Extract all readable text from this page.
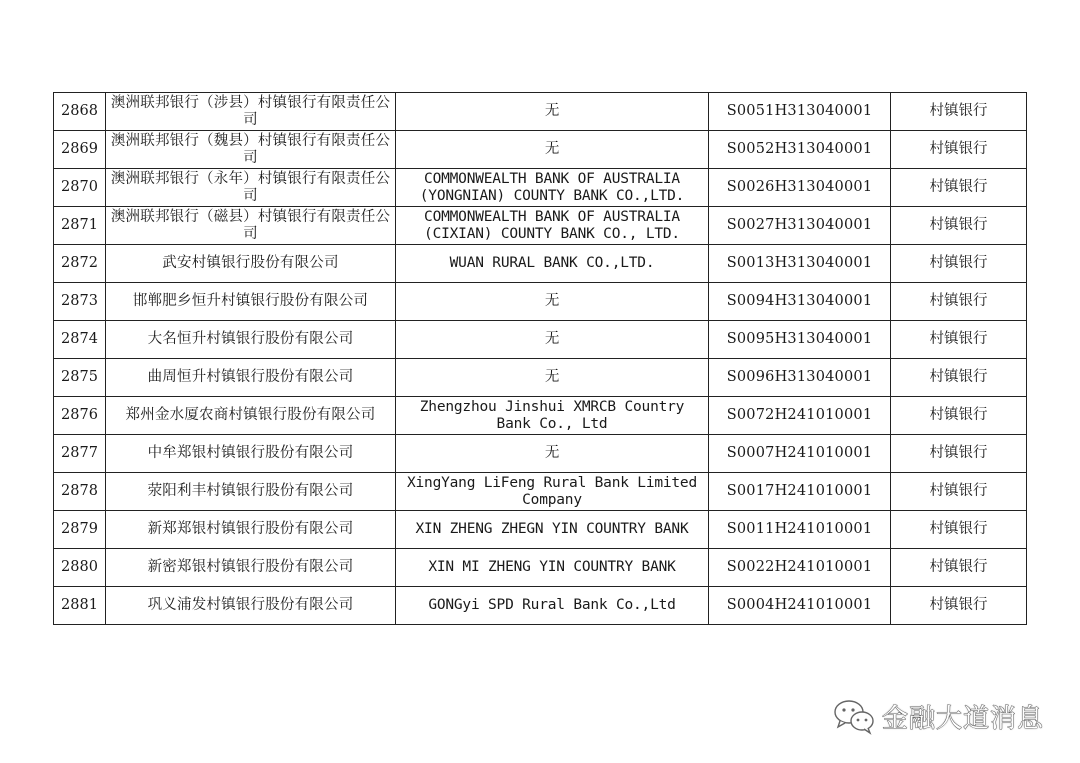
2868	澳洲联邦银行（涉县）村镇银行有限责任公司	无	S0051H313040001	村镇银行
2869	澳洲联邦银行（魏县）村镇银行有限责任公司	无	S0052H313040001	村镇银行
2870	澳洲联邦银行（永年）村镇银行有限责任公司	COMMONWEALTH BANK OF AUSTRALIA (YONGNIAN) COUNTY BANK CO.,LTD.	S0026H313040001	村镇银行
2871	澳洲联邦银行（磁县）村镇银行有限责任公司	COMMONWEALTH BANK OF AUSTRALIA (CIXIAN) COUNTY BANK CO., LTD.	S0027H313040001	村镇银行
2872	武安村镇银行股份有限公司	WUAN RURAL BANK CO.,LTD.	S0013H313040001	村镇银行
2873	邯郸肥乡恒升村镇银行股份有限公司	无	S0094H313040001	村镇银行
2874	大名恒升村镇银行股份有限公司	无	S0095H313040001	村镇银行
2875	曲周恒升村镇银行股份有限公司	无	S0096H313040001	村镇银行
2876	郑州金水厦农商村镇银行股份有限公司	Zhengzhou Jinshui XMRCB Country Bank Co., Ltd	S0072H241010001	村镇银行
2877	中牟郑银村镇银行股份有限公司	无	S0007H241010001	村镇银行
2878	荥阳利丰村镇银行股份有限公司	XingYang LiFeng Rural Bank Limited Company	S0017H241010001	村镇银行
2879	新郑郑银村镇银行股份有限公司	XIN ZHENG ZHEGN YIN COUNTRY BANK	S0011H241010001	村镇银行
2880	新密郑银村镇银行股份有限公司	XIN MI ZHENG YIN COUNTRY BANK	S0022H241010001	村镇银行
2881	巩义浦发村镇银行股份有限公司	GONGyi SPD Rural Bank Co.,Ltd	S0004H241010001	村镇银行
金融大道消息
